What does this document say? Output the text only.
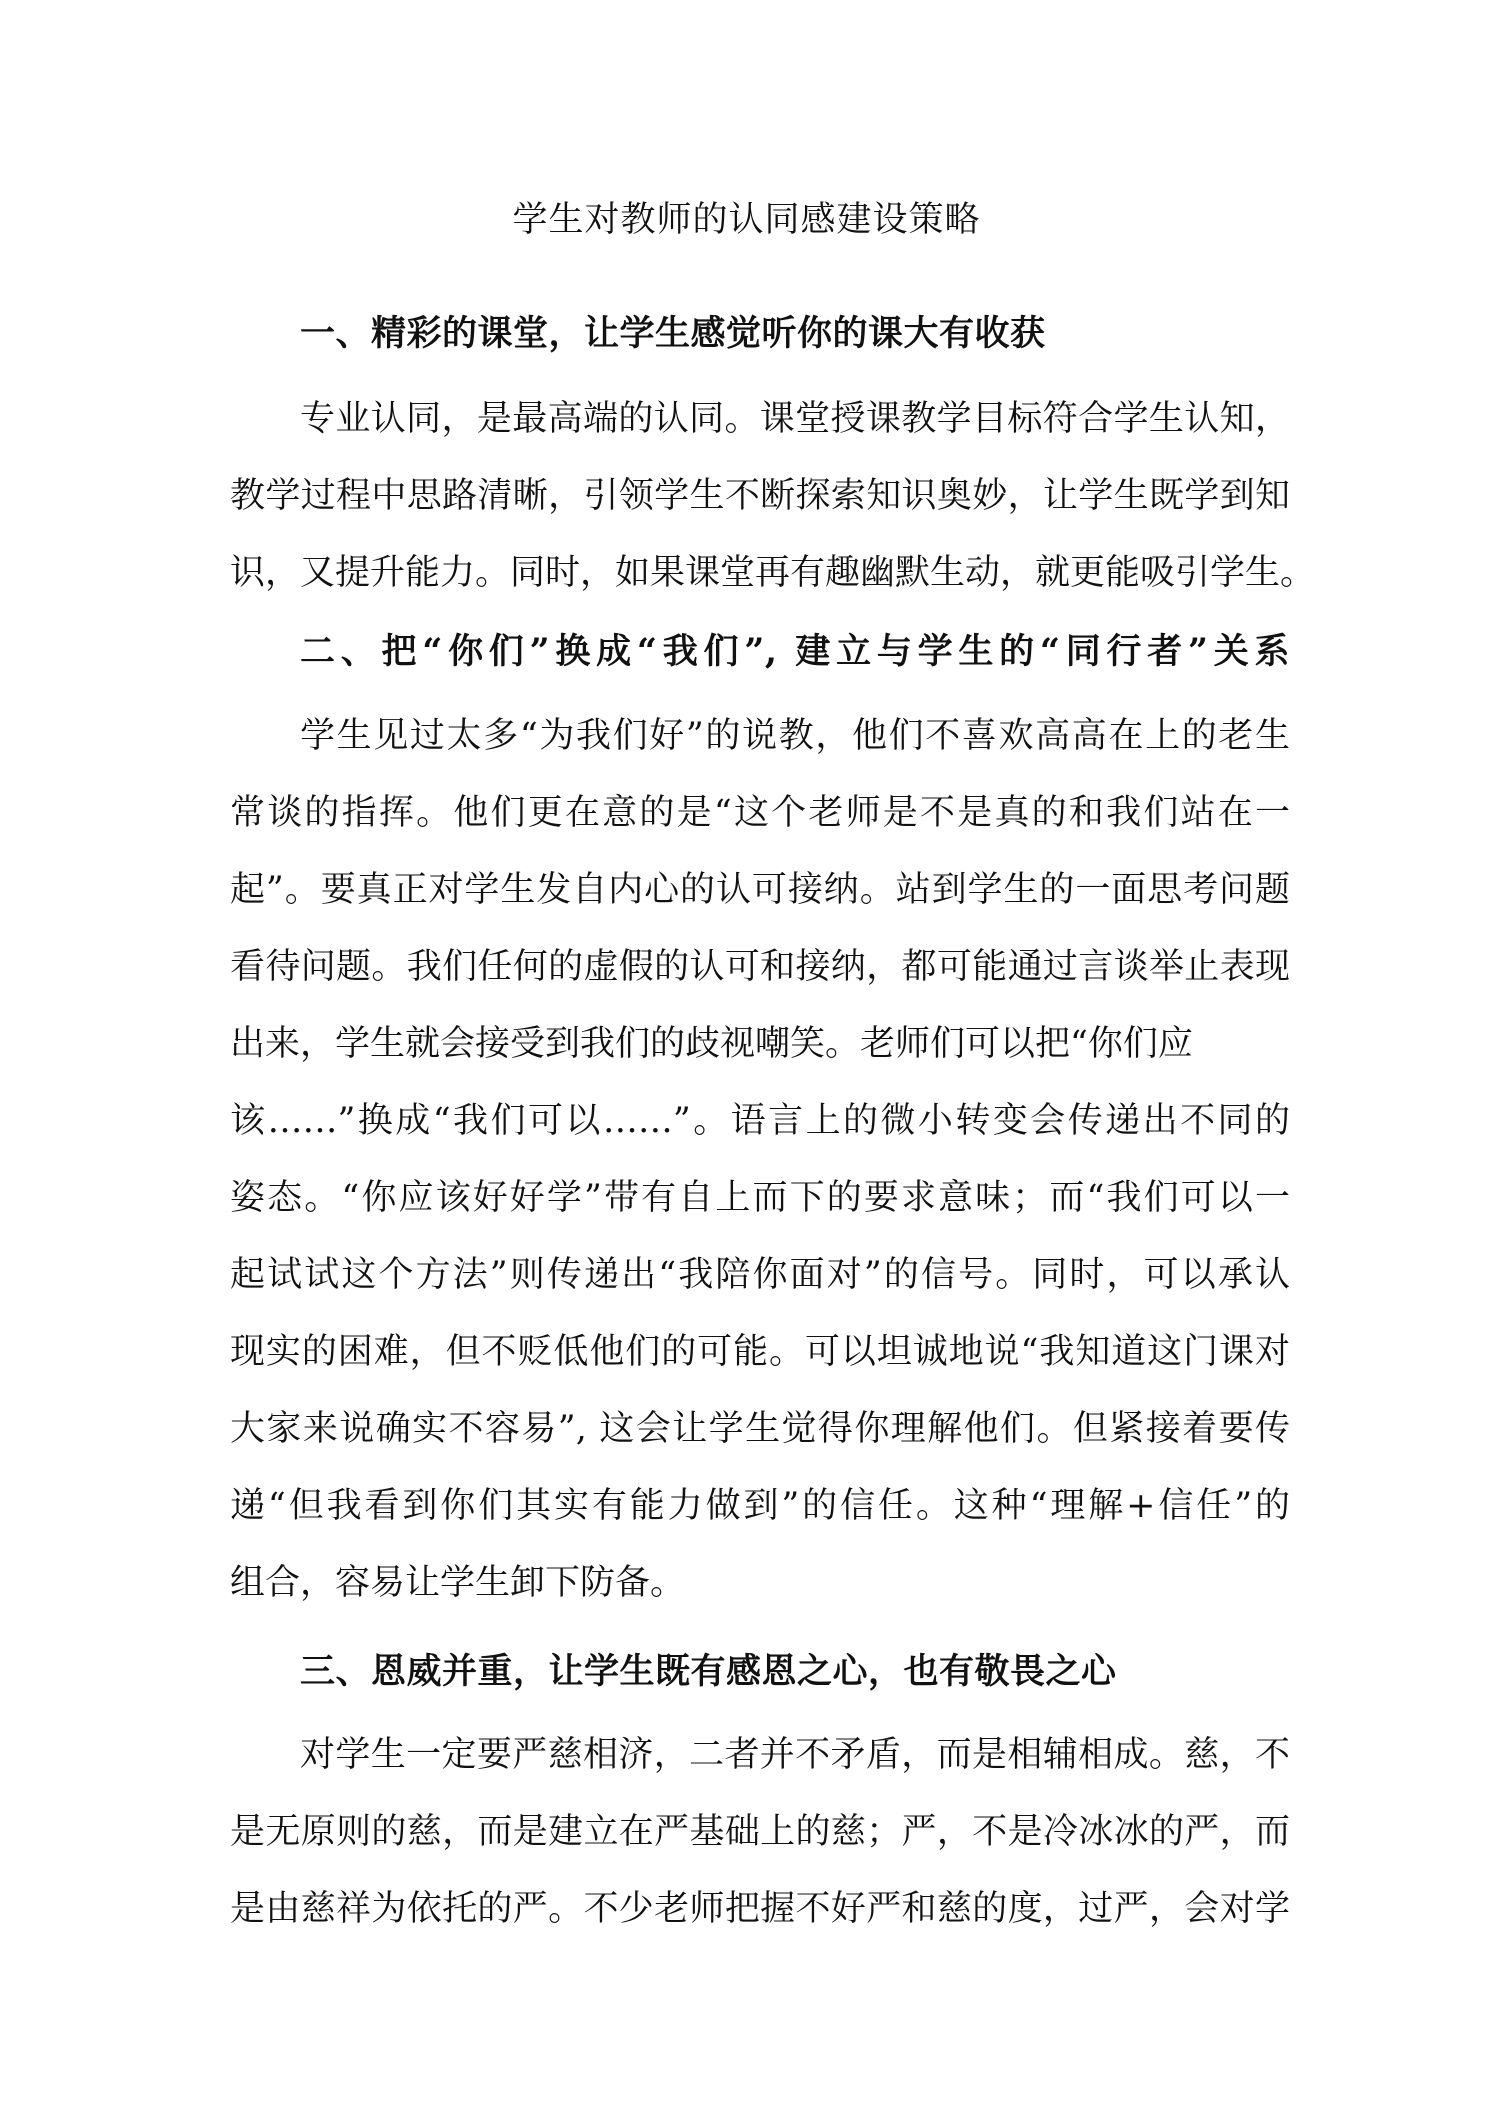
学生对教师的认同感建设策略

一、精彩的课堂，让学生感觉听你的课大有收获

专业认同，是最高端的认同。课堂授课教学目标符合学生认知，

教学过程中思路清晰，引领学生不断探索知识奥妙，让学生既学到知

识，又提升能力。同时，如果课堂再有趣幽默生动，就更能吸引学生。

二、把“你们”换成“我们”, 建立与学生的“同行者”关系

学生见过太多“为我们好”的说教，他们不喜欢高高在上的老生

常谈的指挥。他们更在意的是“这个老师是不是真的和我们站在一

起”。要真正对学生发自内心的认可接纳。站到学生的一面思考问题

看待问题。我们任何的虚假的认可和接纳，都可能通过言谈举止表现

出来，学生就会接受到我们的歧视嘲笑。老师们可以把“你们应

该……”换成“我们可以……”。语言上的微小转变会传递出不同的

姿态。“你应该好好学”带有自上而下的要求意味；而“我们可以一

起试试这个方法”则传递出“我陪你面对”的信号。同时，可以承认

现实的困难，但不贬低他们的可能。可以坦诚地说“我知道这门课对

大家来说确实不容易”, 这会让学生觉得你理解他们。但紧接着要传

递“但我看到你们其实有能力做到”的信任。这种“理解+信任”的

组合，容易让学生卸下防备。

三、恩威并重，让学生既有感恩之心，也有敬畏之心

对学生一定要严慈相济，二者并不矛盾，而是相辅相成。慈，不

是无原则的慈，而是建立在严基础上的慈；严，不是冷冰冰的严，而

是由慈祥为依托的严。不少老师把握不好严和慈的度，过严，会对学
